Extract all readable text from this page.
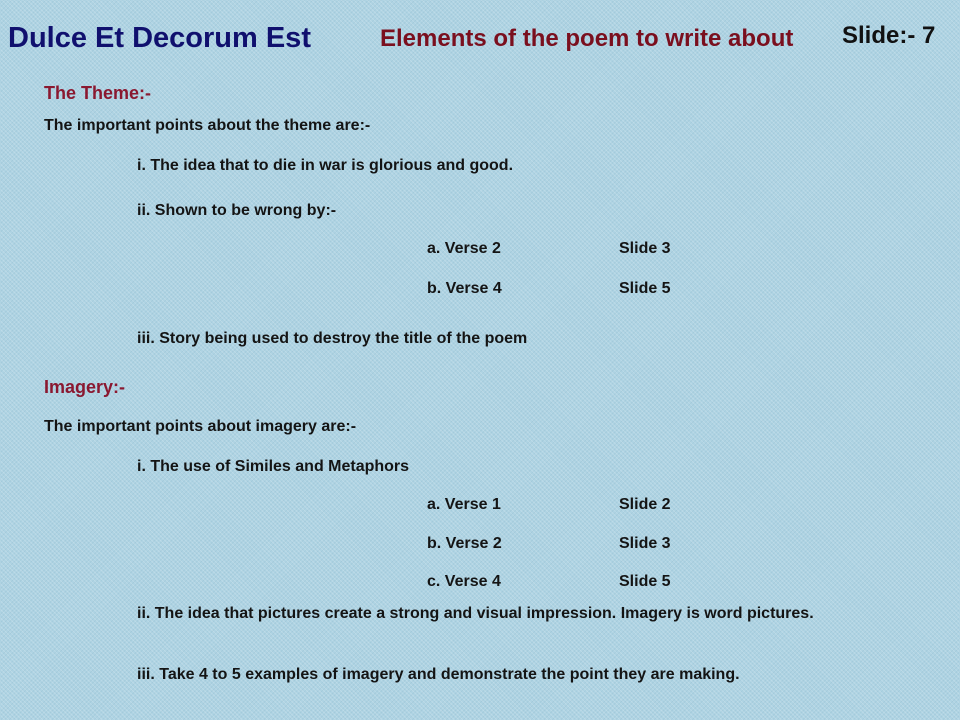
Dulce Et Decorum Est	Elements of the poem to write about Slide:- 7
The Theme:-
The important points about the theme are:-
i. The idea that to die in war is glorious and good.
ii. Shown to be wrong by:-
a. Verse 2	Slide 3
b. Verse 4	Slide 5
iii. Story being used to destroy the title of the poem
Imagery:-
The important points about imagery are:-
i. The use of Similes and Metaphors
a. Verse 1	Slide 2
b. Verse 2	Slide 3
c. Verse 4	Slide 5
ii. The idea that pictures create a strong and visual impression. Imagery is word pictures.
iii. Take 4 to 5 examples of imagery and demonstrate the point they are making.
